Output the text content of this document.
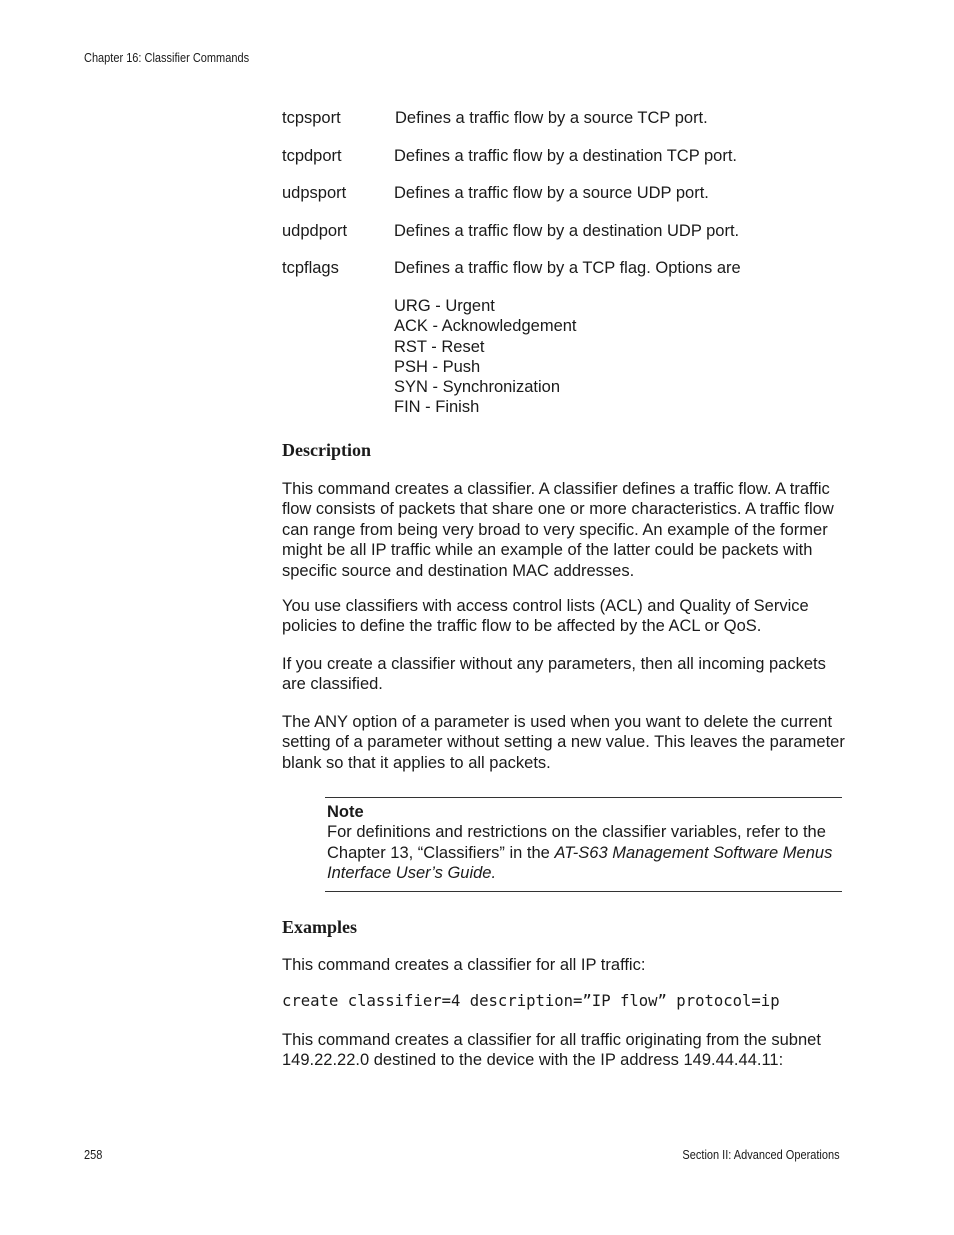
Chapter 16: Classifier Commands
tcpsport	Defines a traffic flow by a source TCP port.
tcpdport	Defines a traffic flow by a destination TCP port.
udpsport	Defines a traffic flow by a source UDP port.
udpdport	Defines a traffic flow by a destination UDP port.
tcpflags	Defines a traffic flow by a TCP flag. Options are
URG - Urgent
ACK - Acknowledgement
RST - Reset
PSH - Push
SYN - Synchronization
FIN - Finish
Description
This command creates a classifier. A classifier defines a traffic flow. A traffic flow consists of packets that share one or more characteristics. A traffic flow can range from being very broad to very specific. An example of the former might be all IP traffic while an example of the latter could be packets with specific source and destination MAC addresses.
You use classifiers with access control lists (ACL) and Quality of Service policies to define the traffic flow to be affected by the ACL or QoS.
If you create a classifier without any parameters, then all incoming packets are classified.
The ANY option of a parameter is used when you want to delete the current setting of a parameter without setting a new value. This leaves the parameter blank so that it applies to all packets.
Note
For definitions and restrictions on the classifier variables, refer to the Chapter 13, “Classifiers” in the AT-S63 Management Software Menus Interface User’s Guide.
Examples
This command creates a classifier for all IP traffic:
create classifier=4 description=”IP flow” protocol=ip
This command creates a classifier for all traffic originating from the subnet 149.22.22.0 destined to the device with the IP address 149.44.44.11:
258	Section II: Advanced Operations
